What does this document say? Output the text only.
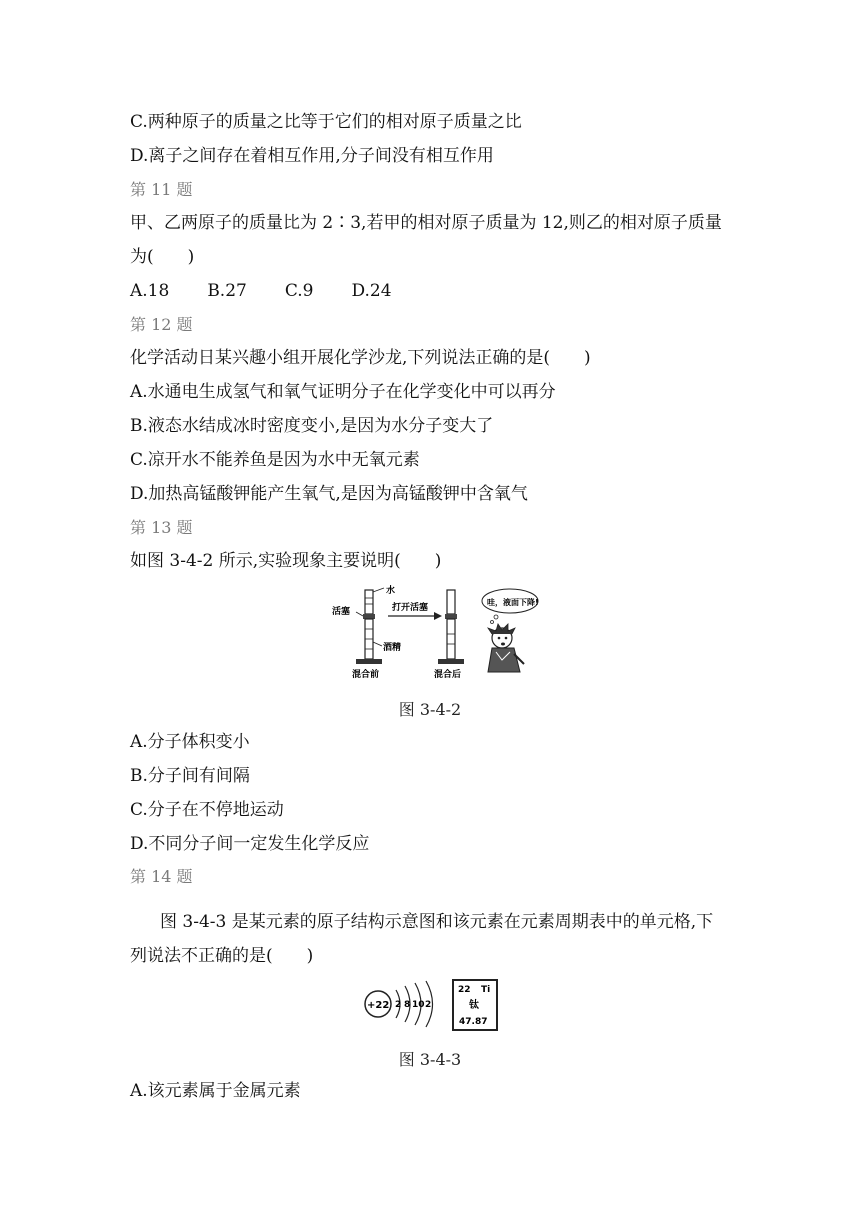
C.两种原子的质量之比等于它们的相对原子质量之比

D.离子之间存在着相互作用,分子间没有相互作用

第 11 题

甲、乙两原子的质量比为 2∶3,若甲的相对原子质量为 12,则乙的相对原子质量

为(　　)

A.18 B.27 C.9 D.24

第 12 题

化学活动日某兴趣小组开展化学沙龙,下列说法正确的是(　　)

A.水通电生成氢气和氧气证明分子在化学变化中可以再分

B.液态水结成冰时密度变小,是因为水分子变大了

C.凉开水不能养鱼是因为水中无氧元素

D.加热高锰酸钾能产生氧气,是因为高锰酸钾中含氧气

第 13 题

如图 3-4-2 所示,实验现象主要说明(　　)

水
活塞
酒精
混合前
打开活塞
混合后
哇，液面下降!
图 3-4-2

A.分子体积变小

B.分子间有间隔

C.分子在不停地运动

D.不同分子间一定发生化学反应

第 14 题

图 3-4-3 是某元素的原子结构示意图和该元素在元素周期表中的单元格,下

列说法不正确的是(　　)

+22 2 8 10 2
22 Ti
钛
47.87
图 3-4-3

A.该元素属于金属元素
